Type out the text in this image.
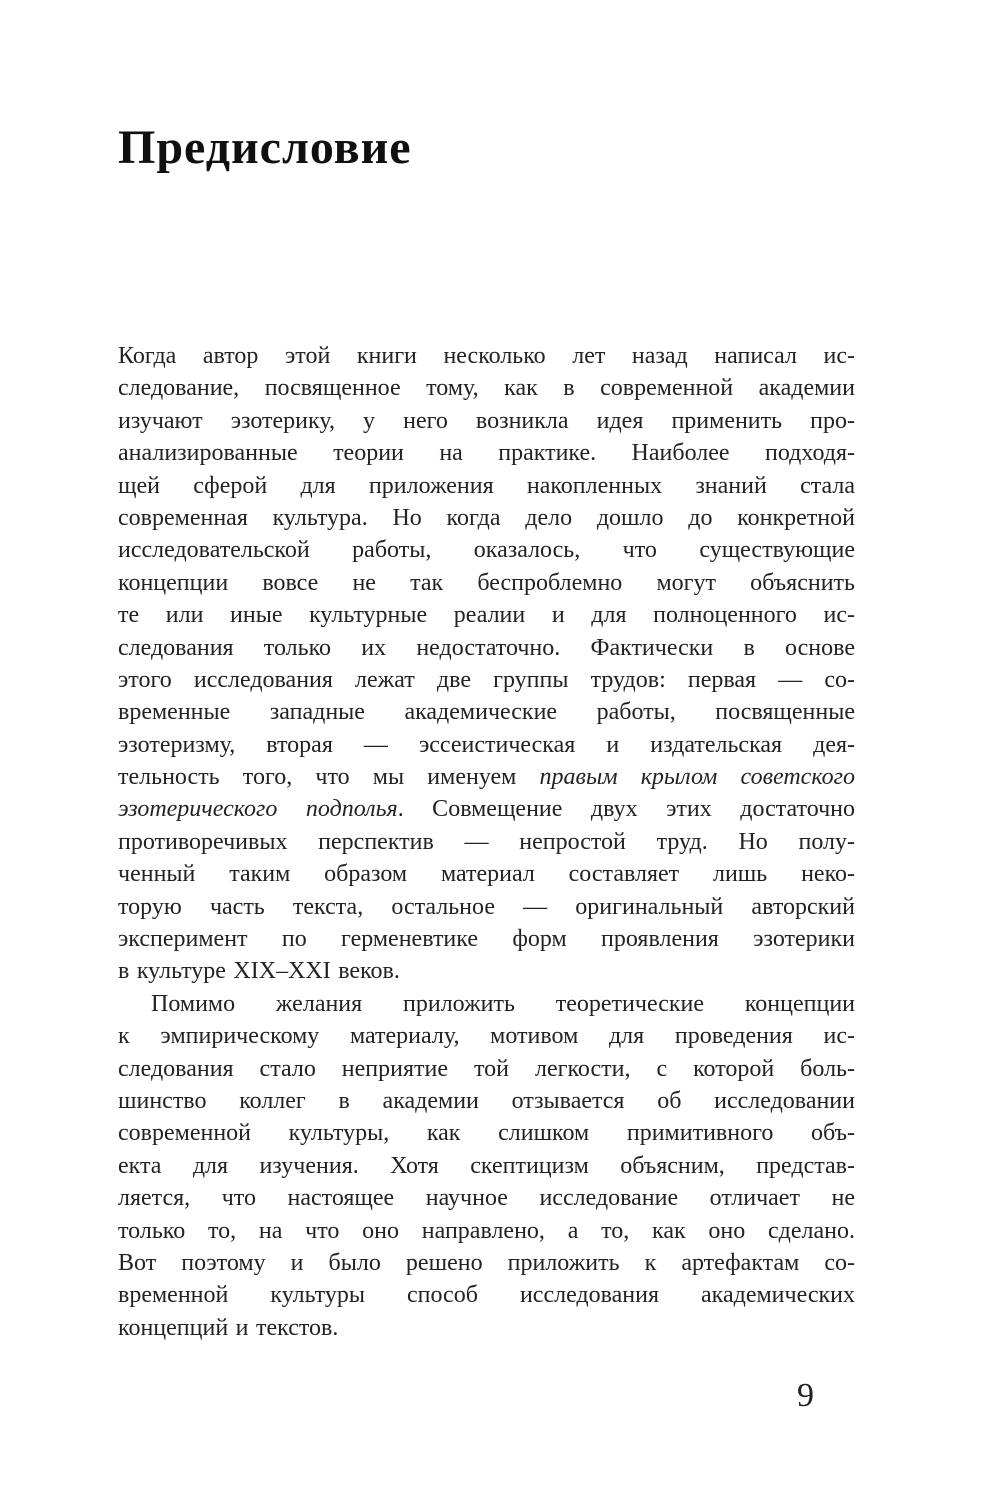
Предисловие
Когда автор этой книги несколько лет назад написал ис-
следование, посвященное тому, как в современной академии
изучают эзотерику, у него возникла идея применить про-
анализированные теории на практике. Наиболее подходя-
щей сферой для приложения накопленных знаний стала
современная культура. Но когда дело дошло до конкретной
исследовательской работы, оказалось, что существующие
концепции вовсе не так беспроблемно могут объяснить
те или иные культурные реалии и для полноценного ис-
следования только их недостаточно. Фактически в основе
этого исследования лежат две группы трудов: первая — со-
временные западные академические работы, посвященные
эзотеризму, вторая — эссеистическая и издательская дея-
тельность того, что мы именуем правым крылом советского
эзотерического подполья. Совмещение двух этих достаточно
противоречивых перспектив — непростой труд. Но полу-
ченный таким образом материал составляет лишь неко-
торую часть текста, остальное — оригинальный авторский
эксперимент по герменевтике форм проявления эзотерики
в культуре XIX–XXI веков.
Помимо желания приложить теоретические концепции
к эмпирическому материалу, мотивом для проведения ис-
следования стало неприятие той легкости, с которой боль-
шинство коллег в академии отзывается об исследовании
современной культуры, как слишком примитивного объ-
екта для изучения. Хотя скептицизм объясним, представ-
ляется, что настоящее научное исследование отличает не
только то, на что оно направлено, а то, как оно сделано.
Вот поэтому и было решено приложить к артефактам со-
временной культуры способ исследования академических
концепций и текстов.
9
